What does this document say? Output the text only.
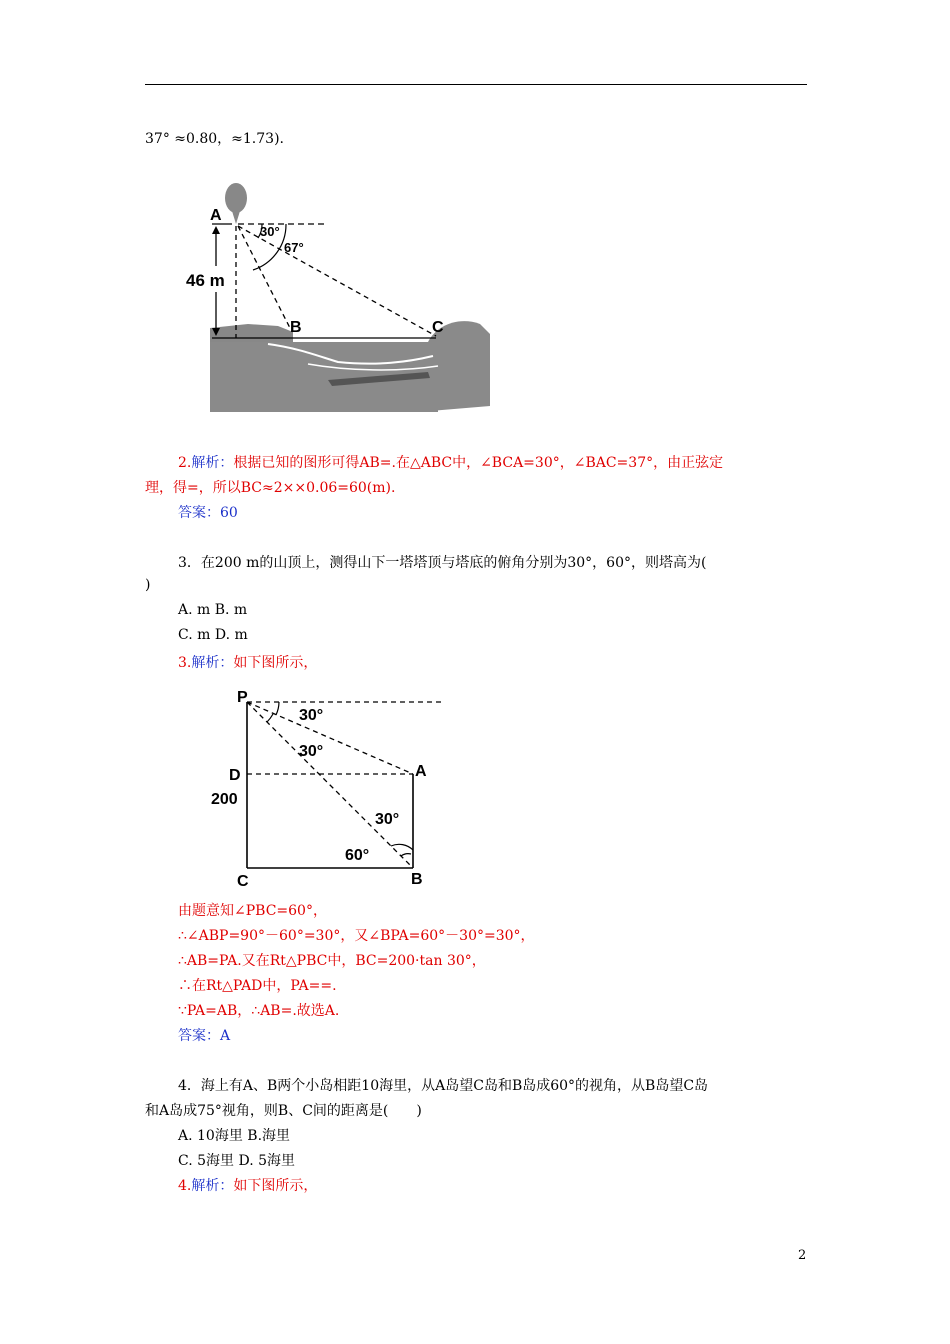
37° ≈0.80，≈1.73).
A
B	C
30°
67°
46 m
2.解析：根据已知的图形可得AB=.在△ABC中，∠BCA=30°，∠BAC=37°，由正弦定
理，得=，所以BC≈2××0.06=60(m).
答案：60
3．在200 m的山顶上，测得山下一塔塔顶与塔底的俯角分别为30°，60°，则塔高为(
)
A. m B. m
C. m D. m
3.解析：如下图所示，
P
D	A
C	B
200
30°
30°
30°
60°
由题意知∠PBC=60°，
∴∠ABP=90°－60°=30°，又∠BPA=60°－30°=30°，
∴AB=PA.又在Rt△PBC中，BC=200·tan 30°，
∴在Rt△PAD中，PA==.
∵PA=AB，∴AB=.故选A.
答案：A
4．海上有A、B两个小岛相距10海里，从A岛望C岛和B岛成60°的视角，从B岛望C岛
和A岛成75°视角，则B、C间的距离是(　　)
A. 10海里 B.海里
C. 5海里 D. 5海里
4.解析：如下图所示，
2
